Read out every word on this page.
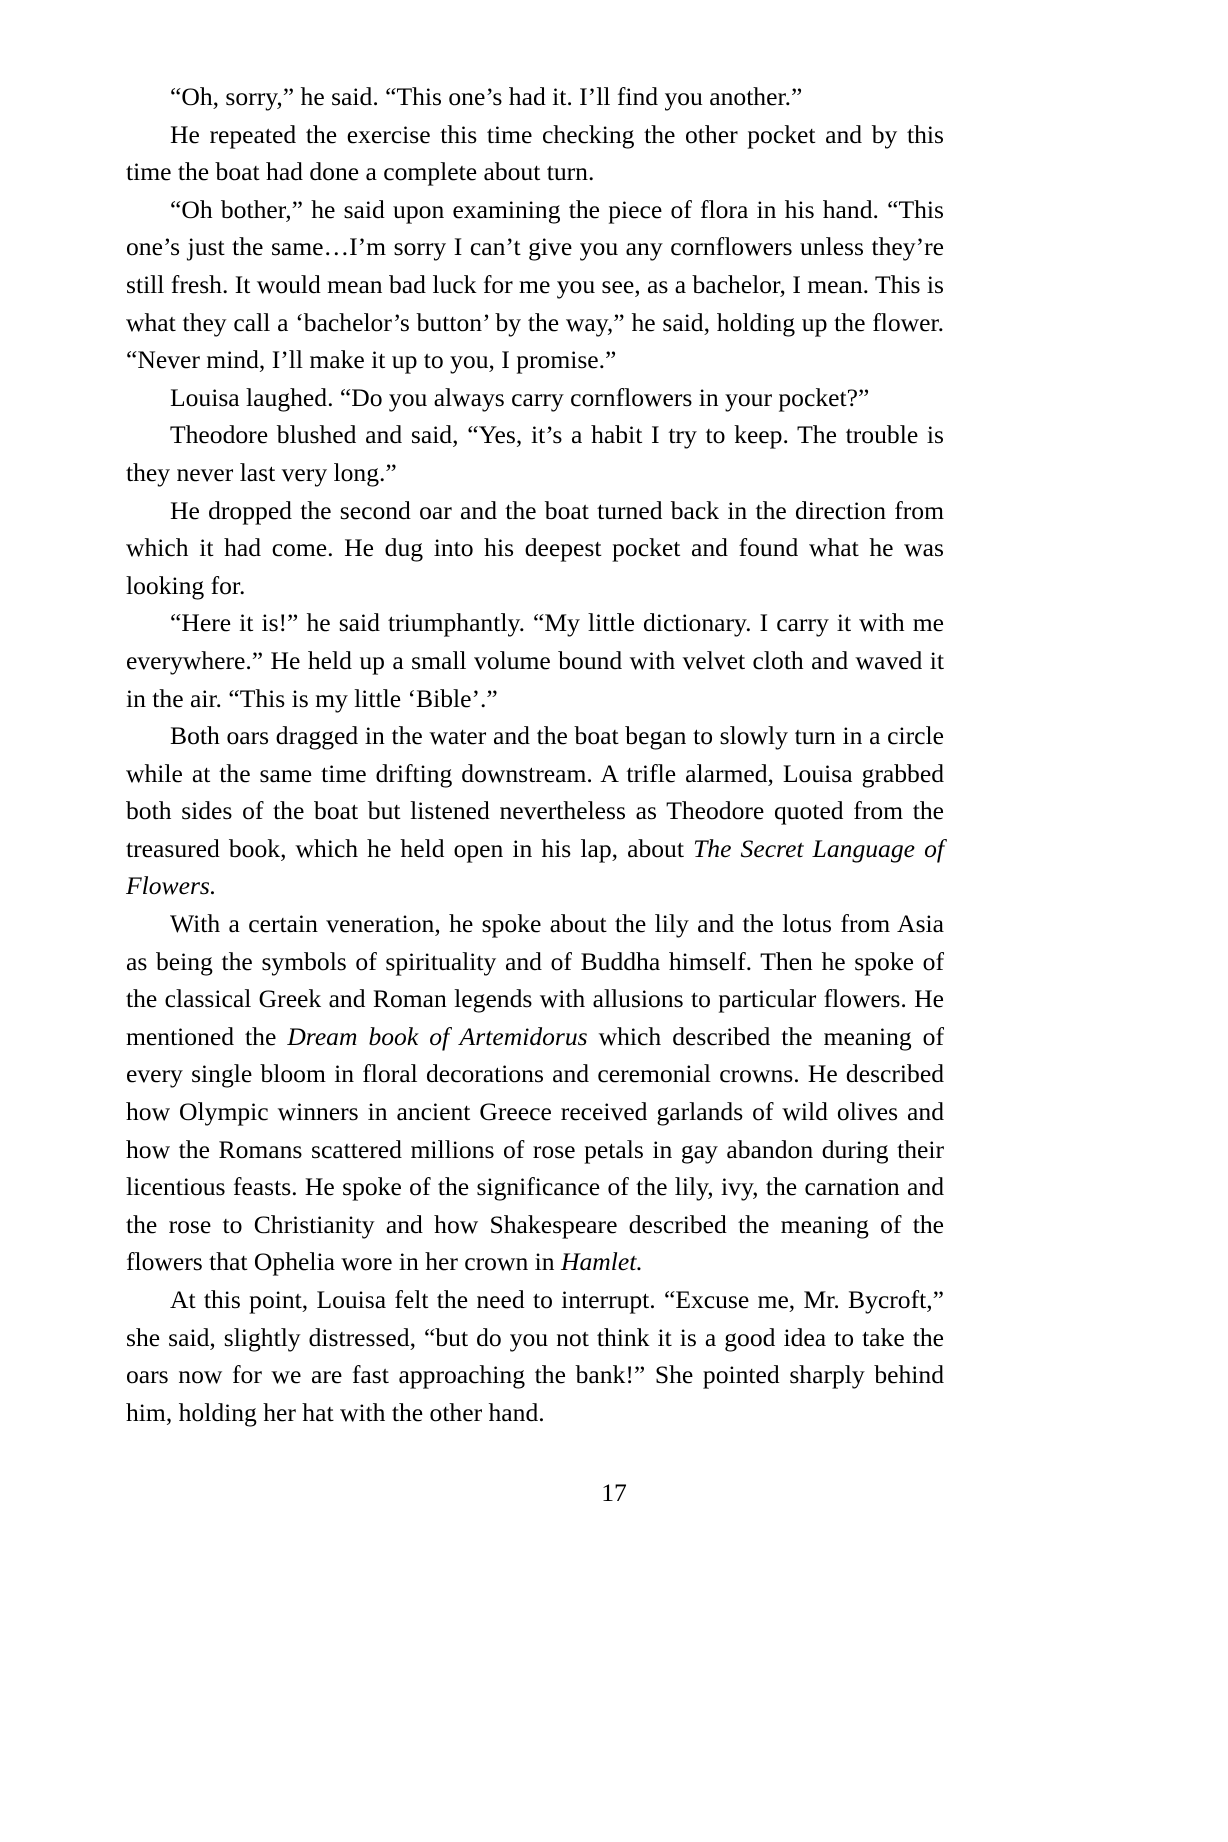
“Oh, sorry,” he said. “This one’s had it. I’ll find you another.”

He repeated the exercise this time checking the other pocket and by this time the boat had done a complete about turn.

“Oh bother,” he said upon examining the piece of flora in his hand. “This one’s just the same…I’m sorry I can’t give you any cornflowers unless they’re still fresh. It would mean bad luck for me you see, as a bachelor, I mean. This is what they call a ‘bachelor’s button’ by the way,” he said, holding up the flower. “Never mind, I’ll make it up to you, I promise.”

Louisa laughed. “Do you always carry cornflowers in your pocket?”

Theodore blushed and said, “Yes, it’s a habit I try to keep. The trouble is they never last very long.”

He dropped the second oar and the boat turned back in the direction from which it had come. He dug into his deepest pocket and found what he was looking for.

“Here it is!” he said triumphantly. “My little dictionary. I carry it with me everywhere.” He held up a small volume bound with velvet cloth and waved it in the air. “This is my little ‘Bible’.”

Both oars dragged in the water and the boat began to slowly turn in a circle while at the same time drifting downstream. A trifle alarmed, Louisa grabbed both sides of the boat but listened nevertheless as Theodore quoted from the treasured book, which he held open in his lap, about The Secret Language of Flowers.

With a certain veneration, he spoke about the lily and the lotus from Asia as being the symbols of spirituality and of Buddha himself. Then he spoke of the classical Greek and Roman legends with allusions to particular flowers. He mentioned the Dream book of Artemidorus which described the meaning of every single bloom in floral decorations and ceremonial crowns. He described how Olympic winners in ancient Greece received garlands of wild olives and how the Romans scattered millions of rose petals in gay abandon during their licentious feasts. He spoke of the significance of the lily, ivy, the carnation and the rose to Christianity and how Shakespeare described the meaning of the flowers that Ophelia wore in her crown in Hamlet.

At this point, Louisa felt the need to interrupt. “Excuse me, Mr. Bycroft,” she said, slightly distressed, “but do you not think it is a good idea to take the oars now for we are fast approaching the bank!” She pointed sharply behind him, holding her hat with the other hand.

17
